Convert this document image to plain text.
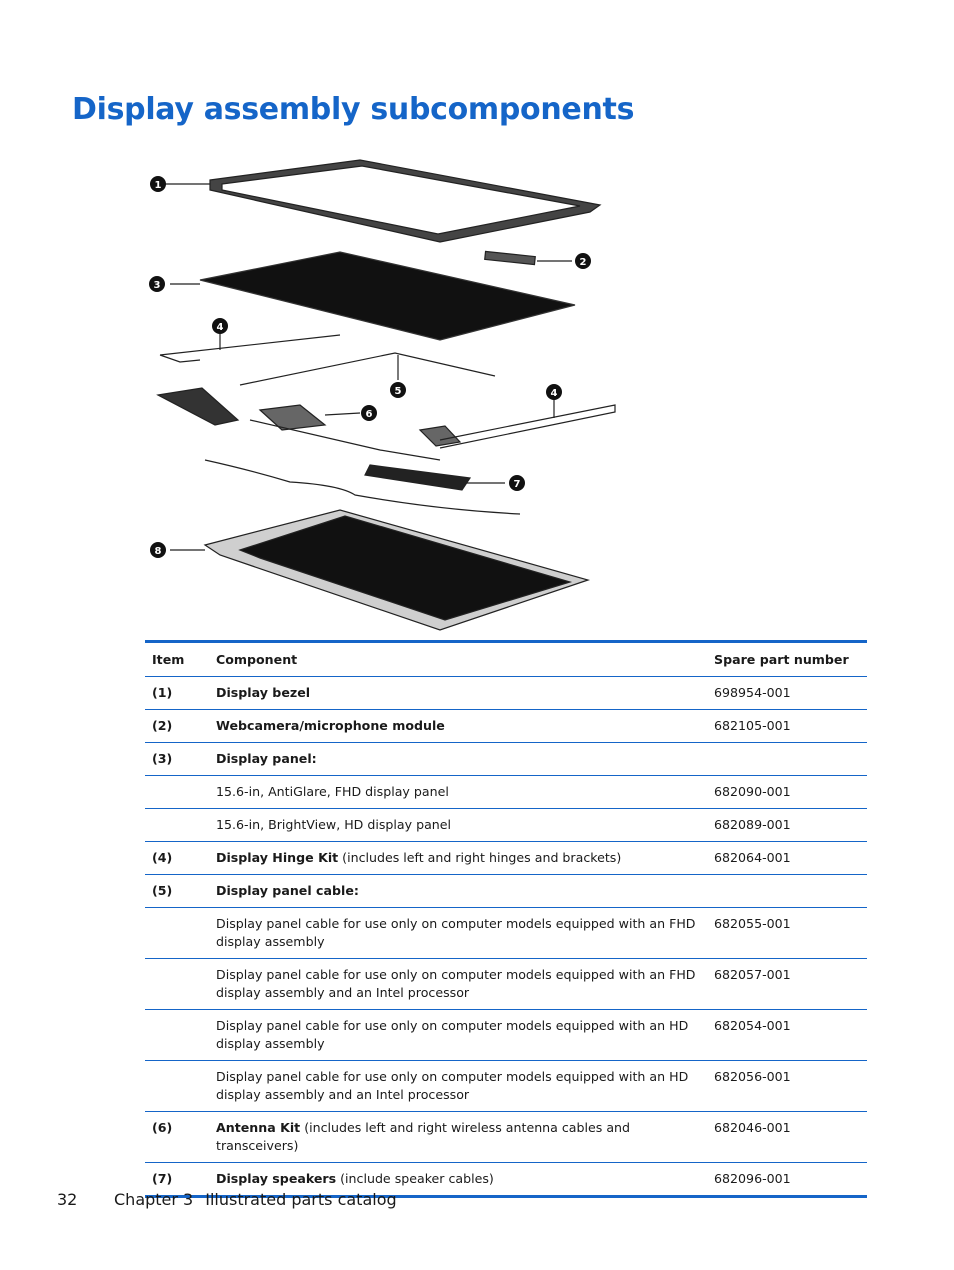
Display assembly subcomponents
1
2
3
4
4
5
6
7
8
Item	Component	Spare part number
(1)	Display bezel	698954-001
(2)	Webcamera/microphone module	682105-001
(3)	Display panel:	
	15.6-in, AntiGlare, FHD display panel	682090-001
	15.6-in, BrightView, HD display panel	682089-001
(4)	Display Hinge Kit (includes left and right hinges and brackets)	682064-001
(5)	Display panel cable:	
	Display panel cable for use only on computer models equipped with an FHD display assembly	682055-001
	Display panel cable for use only on computer models equipped with an FHD display assembly and an Intel processor	682057-001
	Display panel cable for use only on computer models equipped with an HD display assembly	682054-001
	Display panel cable for use only on computer models equipped with an HD display assembly and an Intel processor	682056-001
(6)	Antenna Kit (includes left and right wireless antenna cables and transceivers)	682046-001
(7)	Display speakers (include speaker cables)	682096-001
32 Chapter 3 Illustrated parts catalog
